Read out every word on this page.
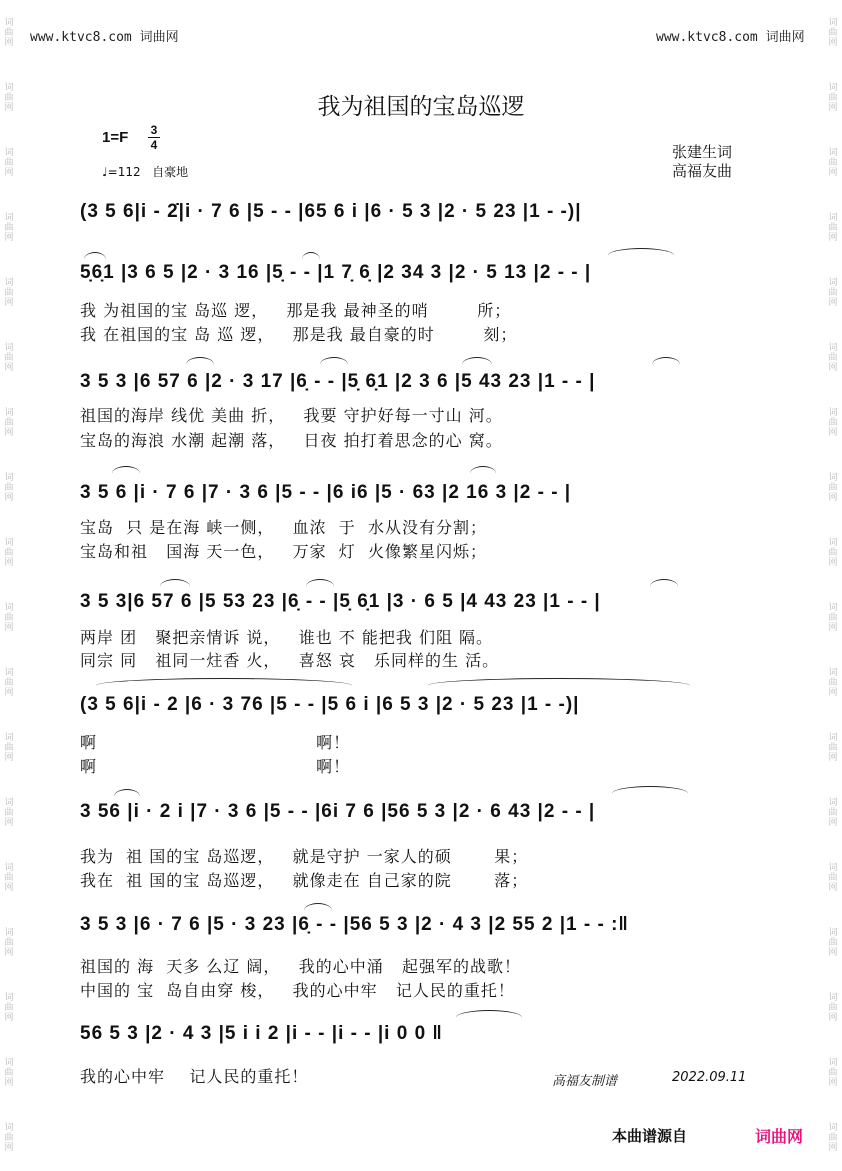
词
曲
网
词
曲
网
词
曲
网
词
曲
网
词
曲
网
词
曲
网
词
曲
网
词
曲
网
词
曲
网
词
曲
网
词
曲
网
词
曲
网
词
曲
网
词
曲
网
词
曲
网
词
曲
网
词
曲
网
词
曲
网
词
曲
网
词
曲
网
词
曲
网
词
曲
网
词
曲
网
词
曲
网
词
曲
网
词
曲
网
词
曲
网
词
曲
网
词
曲
网
词
曲
网
词
曲
网
词
曲
网
词
曲
网
词
曲
网
词
曲
网
词
曲
网
www.ktvc8.com 词曲网	www.ktvc8.com 词曲网
我为祖国的宝岛巡逻
1=F 3
4
♩=112   自豪地
张建生词
高福友曲
(3 5 6|i - 2̇|i · 7 6 |5 - - |65 6 i |6 · 5 3 |2 · 5 23 |1 - -)|
5̣6̣1 |3 6 5 |2 · 3 16 |5̣ - - |1 7̣ 6̣ |2 34 3 |2 · 5 13 |2 - - |
我 为祖国的宝 岛巡 逻，   那是我 最神圣的哨        所；
我 在祖国的宝 岛 巡 逻，   那是我 最自豪的时        刻；
3 5 3 |6 57 6 |2 · 3 17 |6̣ - - |5̣ 6̣1 |2 3 6 |5 43 23 |1 - - |
祖国的海岸 线优 美曲 折，   我要 守护好每一寸山 河。
宝岛的海浪 水潮 起潮 落，   日夜 拍打着思念的心 窝。
3 5 6 |i · 7 6 |7 · 3 6 |5 - - |6 i6 |5 · 63 |2 16 3 |2 - - |
宝岛  只 是在海 峡一侧，   血浓  于  水从没有分割；
宝岛和祖   国海 天一色，   万家  灯  火像繁星闪烁；
3 5 3|6 57 6 |5 53 23 |6̣ - - |5̣ 6̣1 |3 · 6 5 |4 43 23 |1 - - |
两岸 团   聚把亲情诉 说，   谁也 不 能把我 们阻 隔。
同宗 同   祖同一炷香 火，   喜怒 哀   乐同样的生 活。
(3 5 6|i - 2 |6 · 3 76 |5 - - |5 6 i |6 5 3 |2 · 5 23 |1 - -)|
啊                                    啊！
啊                                    啊！
3 56 |i · 2 i |7 · 3 6 |5 - - |6i 7 6 |56 5 3 |2 · 6 43 |2 - - |
我为  祖 国的宝 岛巡逻，   就是守护 一家人的硕       果；
我在  祖 国的宝 岛巡逻，   就像走在 自己家的院       落；
3 5 3 |6 · 7 6 |5 · 3 23 |6̣ - - |56 5 3 |2 · 4 3 |2 55 2 |1 - - :‖
祖国的 海  天多 么辽 阔，   我的心中涌   起强军的战歌！
中国的 宝  岛自由穿 梭，   我的心中牢   记人民的重托！
56 5 3 |2 · 4 3 |5 i i 2 |i - - |i - - |i 0 0 ‖
我的心中牢    记人民的重托！	高福友制谱	2022.09.11
本曲谱源自	词曲网
